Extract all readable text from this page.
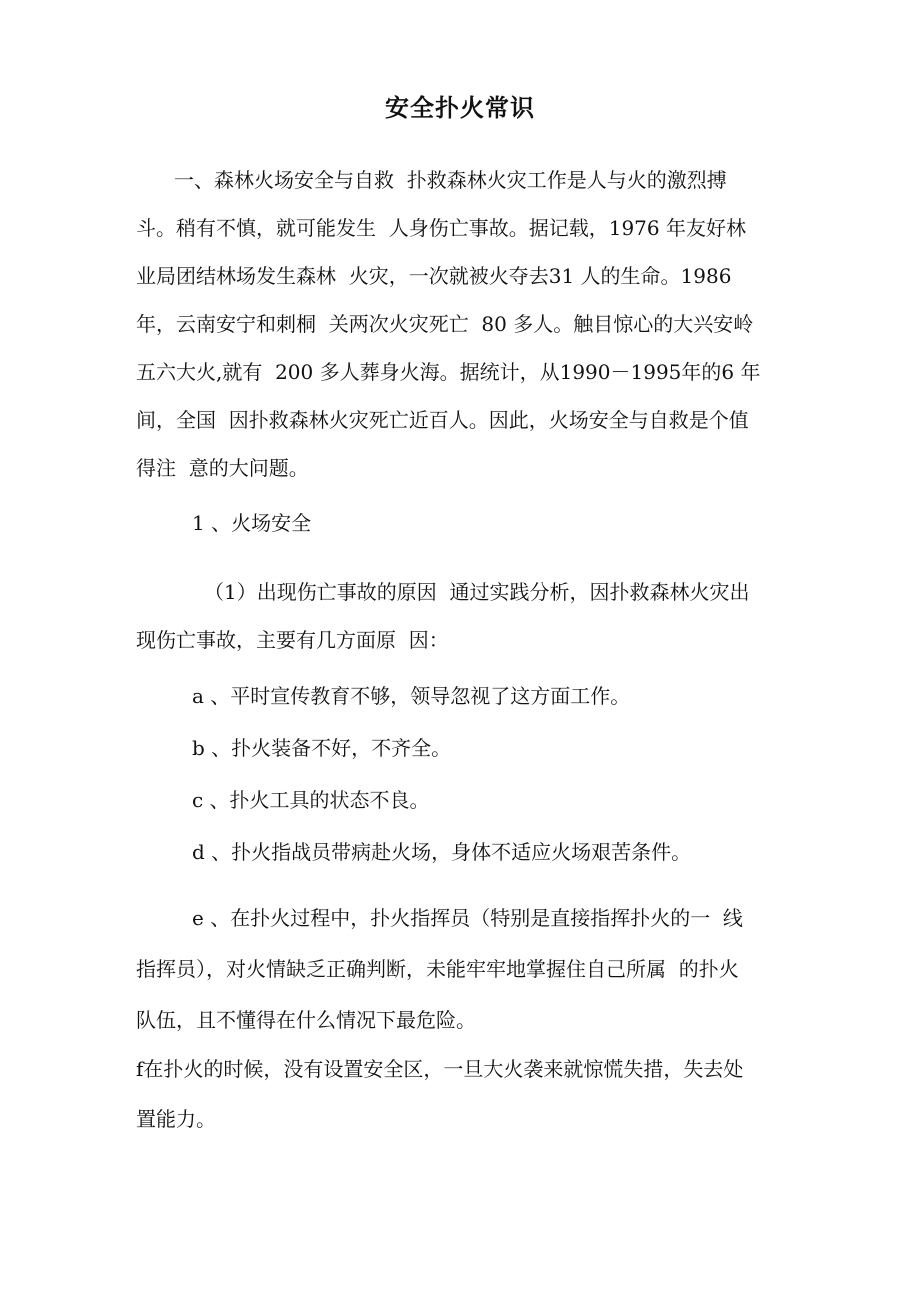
安全扑火常识
一、森林火场安全与自救  扑救森林火灾工作是人与火的激烈搏
斗。稍有不慎，就可能发生  人身伤亡事故。据记载，1976 年友好林
业局团结林场发生森林  火灾，一次就被火夺去31 人的生命。1986
年，云南安宁和刺桐  关两次火灾死亡  80 多人。触目惊心的大兴安岭
五六大火,就有  200 多人葬身火海。据统计，从1990－1995年的6 年
间，全国  因扑救森林火灾死亡近百人。因此，火场安全与自救是个值
得注  意的大问题。
1 、火场安全
（1）出现伤亡事故的原因  通过实践分析，因扑救森林火灾出
现伤亡事故，主要有几方面原  因：
a 、平时宣传教育不够，领导忽视了这方面工作。
b 、扑火装备不好，不齐全。
c 、扑火工具的状态不良。
d 、扑火指战员带病赴火场，身体不适应火场艰苦条件。
e 、在扑火过程中，扑火指挥员（特别是直接指挥扑火的一  线
指挥员），对火情缺乏正确判断，未能牢牢地掌握住自己所属  的扑火
队伍，且不懂得在什么情况下最危险。
f在扑火的时候，没有设置安全区，一旦大火袭来就惊慌失措，失去处
置能力。
